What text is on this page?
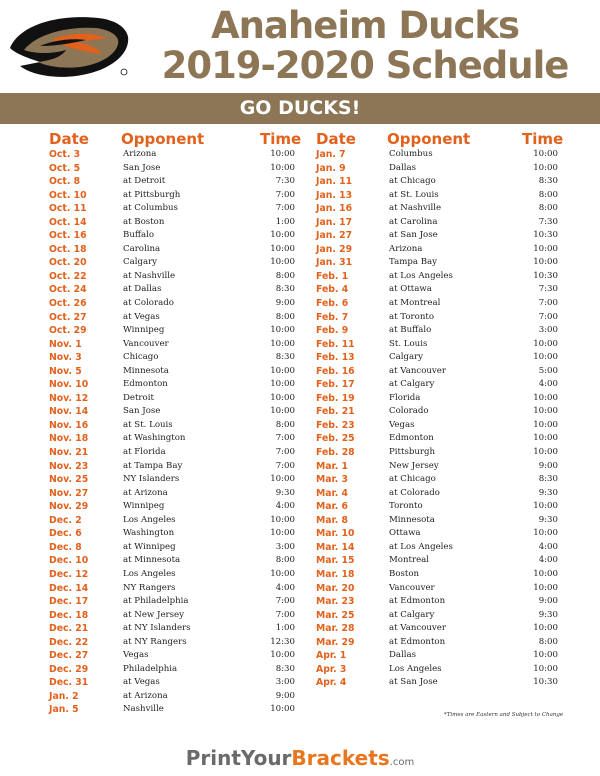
Anaheim Ducks
2019-2020 Schedule
GO DUCKS!
Date Opponent	Time Date Opponent	Time
Oct. 3	Arizona	10:00
Oct. 5	San Jose	10:00
Oct. 8	at Detroit	7:30
Oct. 10	at Pittsburgh	7:00
Oct. 11	at Columbus	7:00
Oct. 14	at Boston	1:00
Oct. 16	Buffalo	10:00
Oct. 18	Carolina	10:00
Oct. 20	Calgary	10:00
Oct. 22	at Nashville	8:00
Oct. 24	at Dallas	8:30
Oct. 26	at Colorado	9:00
Oct. 27	at Vegas	8:00
Oct. 29	Winnipeg	10:00
Nov. 1	Vancouver	10:00
Nov. 3	Chicago	8:30
Nov. 5	Minnesota	10:00
Nov. 10	Edmonton	10:00
Nov. 12	Detroit	10:00
Nov. 14	San Jose	10:00
Nov. 16	at St. Louis	8:00
Nov. 18	at Washington	7:00
Nov. 21	at Florida	7:00
Nov. 23	at Tampa Bay	7:00
Nov. 25	NY Islanders	10:00
Nov. 27	at Arizona	9:30
Nov. 29	Winnipeg	4:00
Dec. 2	Los Angeles	10:00
Dec. 6	Washington	10:00
Dec. 8	at Winnipeg	3:00
Dec. 10	at Minnesota	8:00
Dec. 12	Los Angeles	10:00
Dec. 14	NY Rangers	4:00
Dec. 17	at Philadelphia	7:00
Dec. 18	at New Jersey	7:00
Dec. 21	at NY Islanders	1:00
Dec. 22	at NY Rangers	12:30
Dec. 27	Vegas	10:00
Dec. 29	Philadelphia	8:30
Dec. 31	at Vegas	3:00
Jan. 2	at Arizona	9:00
Jan. 5	Nashville	10:00
Jan. 7	Columbus	10:00
Jan. 9	Dallas	10:00
Jan. 11	at Chicago	8:30
Jan. 13	at St. Louis	8:00
Jan. 16	at Nashville	8:00
Jan. 17	at Carolina	7:30
Jan. 27	at San Jose	10:30
Jan. 29	Arizona	10:00
Jan. 31	Tampa Bay	10:00
Feb. 1	at Los Angeles	10:30
Feb. 4	at Ottawa	7:30
Feb. 6	at Montreal	7:00
Feb. 7	at Toronto	7:00
Feb. 9	at Buffalo	3:00
Feb. 11	St. Louis	10:00
Feb. 13	Calgary	10:00
Feb. 16	at Vancouver	5:00
Feb. 17	at Calgary	4:00
Feb. 19	Florida	10:00
Feb. 21	Colorado	10:00
Feb. 23	Vegas	10:00
Feb. 25	Edmonton	10:00
Feb. 28	Pittsburgh	10:00
Mar. 1	New Jersey	9:00
Mar. 3	at Chicago	8:30
Mar. 4	at Colorado	9:30
Mar. 6	Toronto	10:00
Mar. 8	Minnesota	9:30
Mar. 10	Ottawa	10:00
Mar. 14	at Los Angeles	4:00
Mar. 15	Montreal	4:00
Mar. 18	Boston	10:00
Mar. 20	Vancouver	10:00
Mar. 23	at Edmonton	9:00
Mar. 25	at Calgary	9:30
Mar. 28	at Vancouver	10:00
Mar. 29	at Edmonton	8:00
Apr. 1	Dallas	10:00
Apr. 3	Los Angeles	10:00
Apr. 4	at San Jose	10:30
*Times are Eastern and Subject to Change
PrintYourBrackets.com
